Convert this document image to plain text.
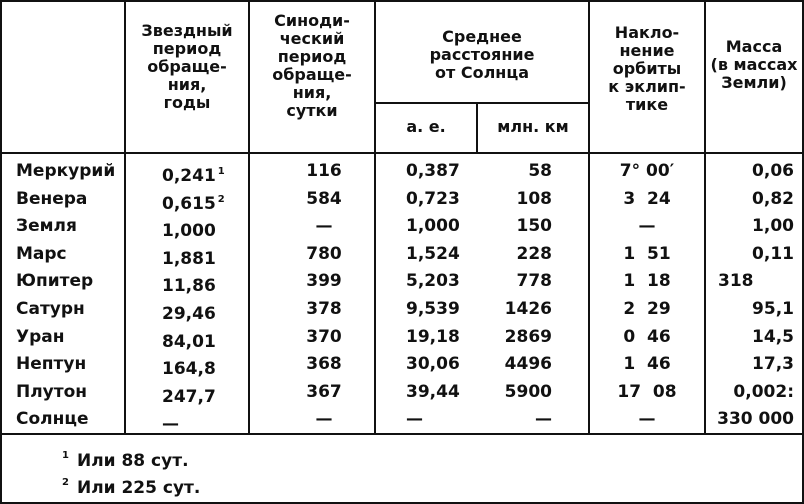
Звездный
период
обраще-
ния,
годы
Синоди-
ческий
период
обраще-
ния,
сутки
Среднее
расстояние
от Солнца
а. е.	млн. км
Накло-
нение
орбиты
к эклип-
тике
Масса
(в массах
Земли)
Меркурий	0,241 $^1$	116	0,387	58	7° 00′	0,06
Венера	0,615 $^2$	584	0,723	108	3  24	0,82
Земля	1,000	—	1,000	150	—	1,00
Марс	1,881	780	1,524	228	1  51	0,11
Юпитер	11,86	399	5,203	778	1  18	318
Сатурн	29,46	378	9,539	1426	2  29	95,1
Уран	84,01	370	19,18	2869	0  46	14,5
Нептун	164,8	368	30,06	4496	1  46	17,3
Плутон	247,7	367	39,44	5900	17  08	0,002:
Солнце	—	—	—	—	—	330 000
$^1$ Или 88 сут.
$^2$ Или 225 сут.
